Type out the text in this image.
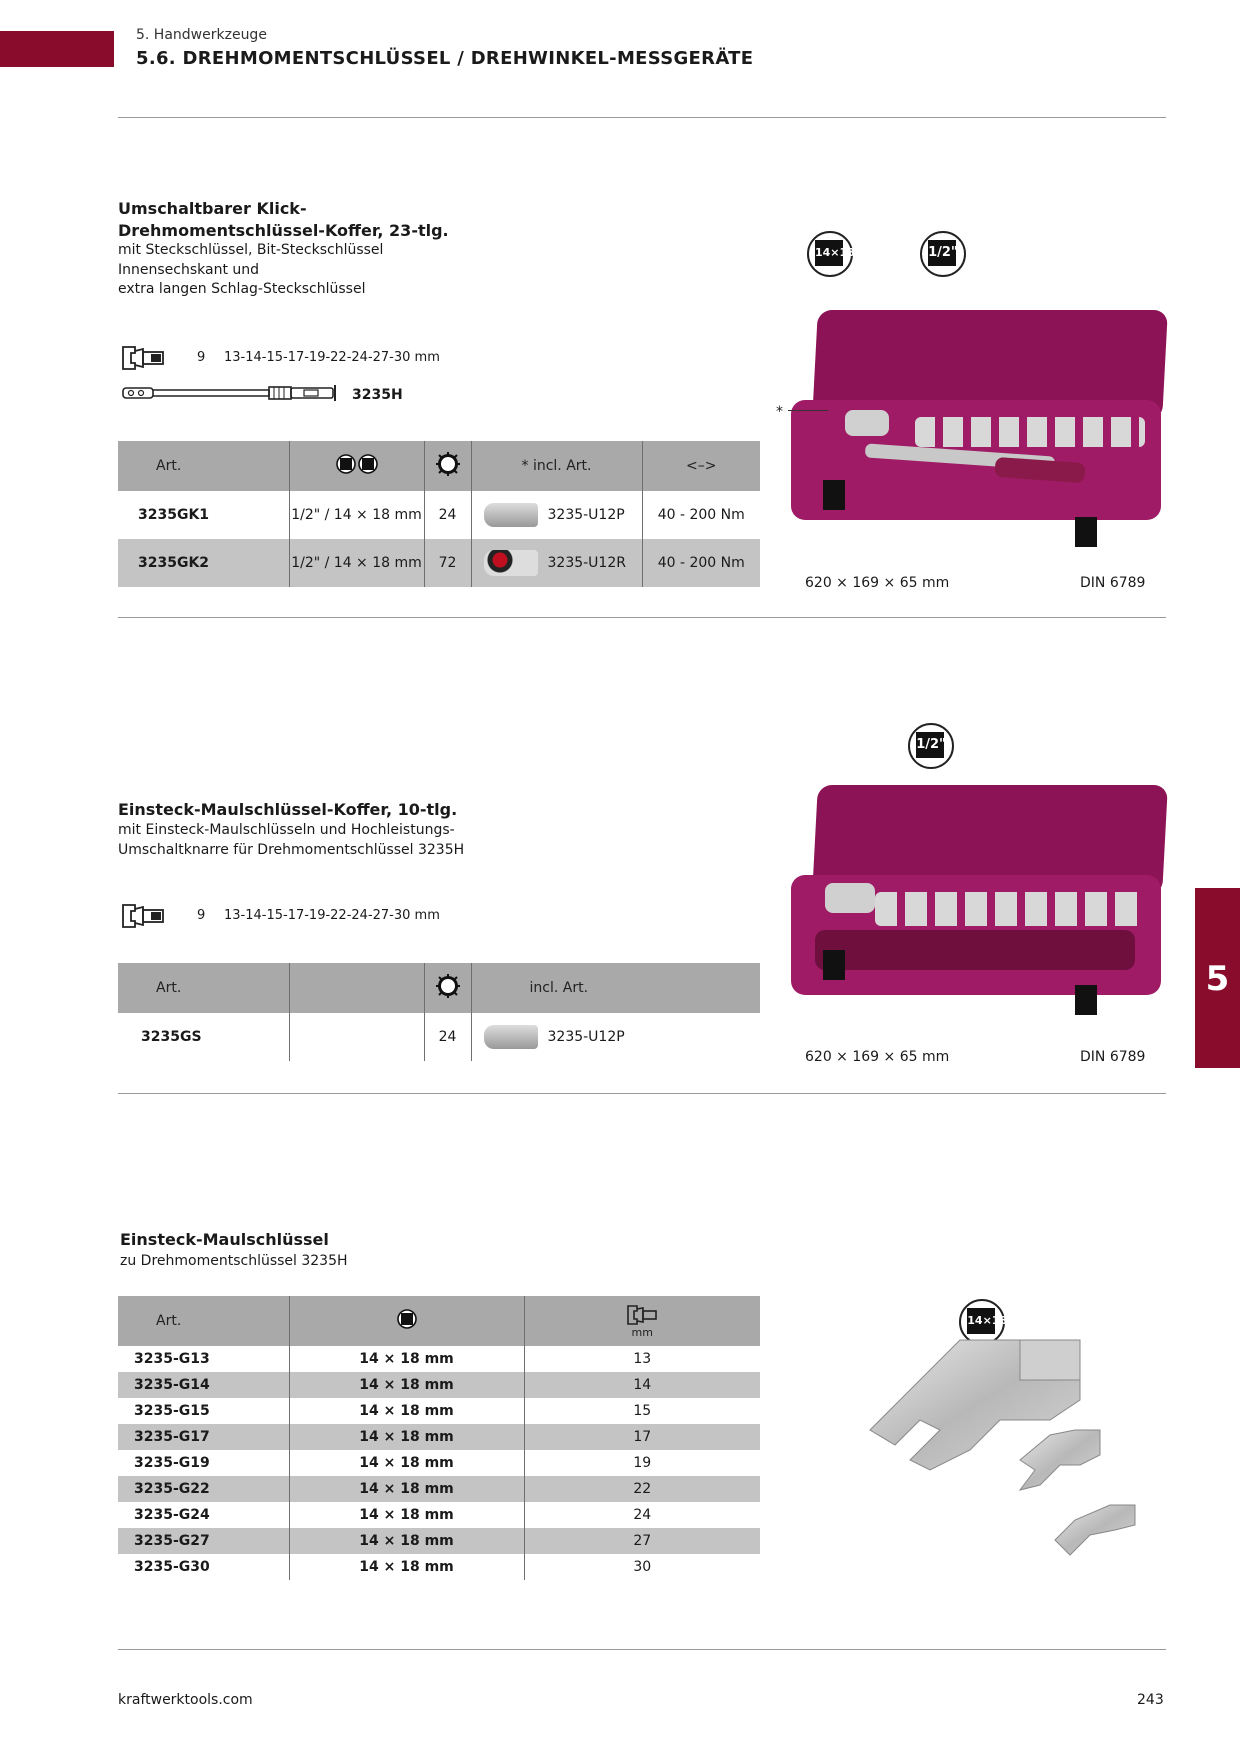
5. Handwerkzeuge
5.6. DREHMOMENTSCHLÜSSEL / DREHWINKEL-MESSGERÄTE
5
Umschaltbarer Klick-
Drehmomentschlüssel-Koffer, 23-tlg.
mit Steckschlüssel, Bit-Steckschlüssel
Innensechskant und
extra langen Schlag-Steckschlüssel
9 13-14-15-17-19-22-24-27-30 mm
3235H
14×18
	1/2"

*
Art.			* incl. Art.	<–>
3235GK1	1/2" / 14 × 18 mm	24	3235-U12P	40 - 200 Nm
3235GK2	1/2" / 14 × 18 mm	72	3235-U12R	40 - 200 Nm
620 × 169 × 65 mm	DIN 6789
1/2"

Einsteck-Maulschlüssel-Koffer, 10-tlg.
mit Einsteck-Maulschlüsseln und Hochleistungs-
Umschaltknarre für Drehmomentschlüssel 3235H
9 13-14-15-17-19-22-24-27-30 mm
Art.			incl. Art.
3235GS		24	3235-U12P
620 × 169 × 65 mm	DIN 6789
Einsteck-Maulschlüssel
zu Drehmomentschlüssel 3235H
14×18
Art.		mm

3235-G13	14 × 18 mm	13
3235-G14	14 × 18 mm	14
3235-G15	14 × 18 mm	15
3235-G17	14 × 18 mm	17
3235-G19	14 × 18 mm	19
3235-G22	14 × 18 mm	22
3235-G24	14 × 18 mm	24
3235-G27	14 × 18 mm	27
3235-G30	14 × 18 mm	30
kraftwerktools.com	243
